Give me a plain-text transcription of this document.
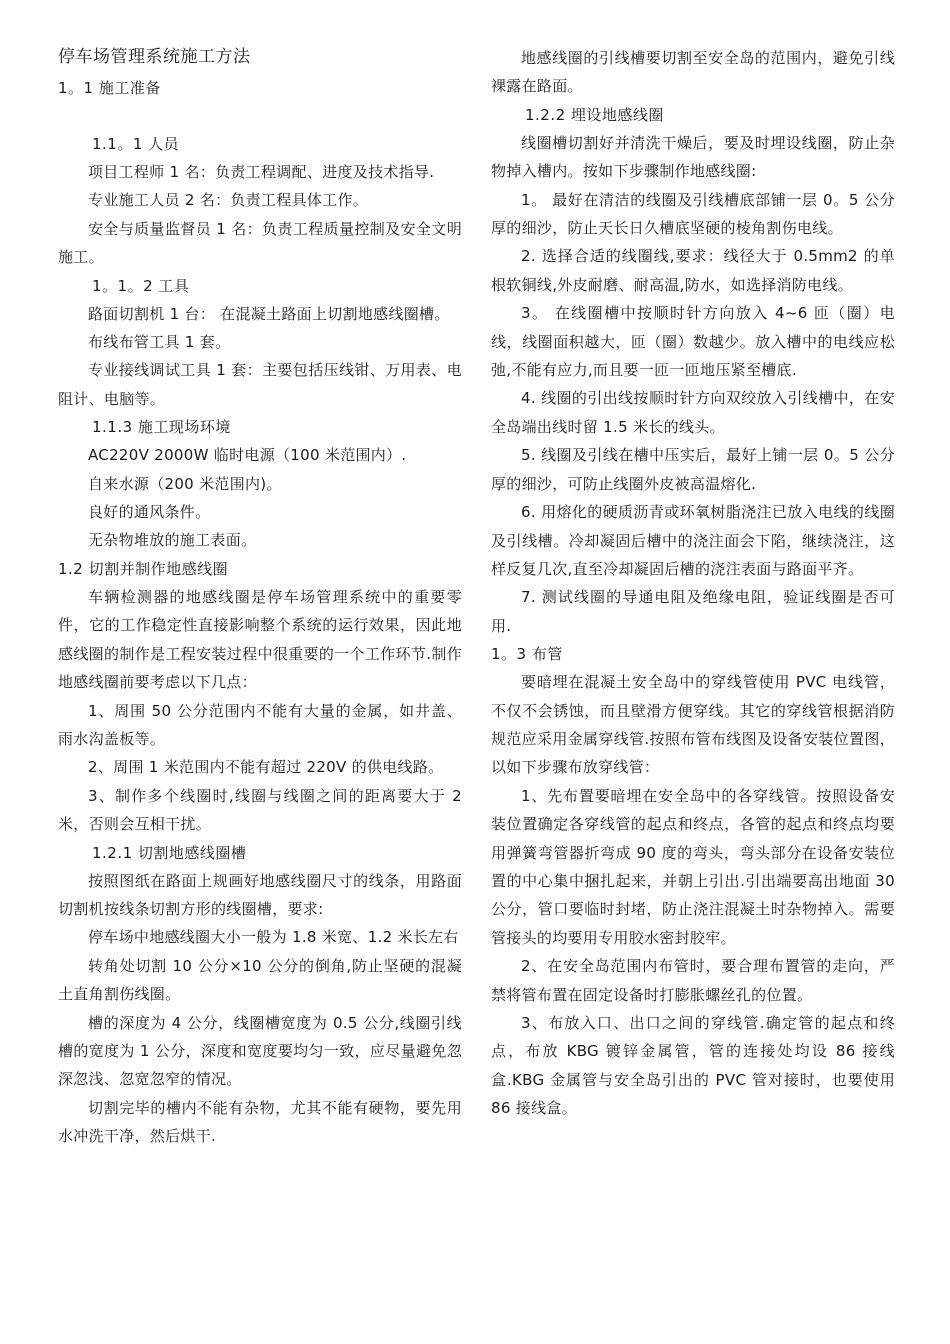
停车场管理系统施工方法

1。1 施工准备

1.1。1 人员

项目工程师 1 名：负责工程调配、进度及技术指导.

专业施工人员 2 名：负责工程具体工作。

安全与质量监督员 1 名：负责工程质量控制及安全文明施工。

1。1。2 工具

路面切割机 1 台： 在混凝土路面上切割地感线圈槽。

布线布管工具 1 套。

专业接线调试工具 1 套：主要包括压线钳、万用表、电阻计、电脑等。

1.1.3 施工现场环境

AC220V 2000W 临时电源（100 米范围内）.

自来水源（200 米范围内)。

良好的通风条件。

无杂物堆放的施工表面。

1.2 切割并制作地感线圈

车辆检测器的地感线圈是停车场管理系统中的重要零件，它的工作稳定性直接影响整个系统的运行效果，因此地感线圈的制作是工程安装过程中很重要的一个工作环节.制作地感线圈前要考虑以下几点：

1、周围 50 公分范围内不能有大量的金属，如井盖、雨水沟盖板等。

2、周围 1 米范围内不能有超过 220V 的供电线路。

3、制作多个线圈时,线圈与线圈之间的距离要大于 2 米，否则会互相干扰。

1.2.1 切割地感线圈槽

按照图纸在路面上规画好地感线圈尺寸的线条，用路面切割机按线条切割方形的线圈槽，要求:

停车场中地感线圈大小一般为 1.8 米宽、1.2 米长左右

转角处切割 10 公分×10 公分的倒角,防止坚硬的混凝土直角割伤线圈。

槽的深度为 4 公分，线圈槽宽度为 0.5 公分,线圈引线槽的宽度为 1 公分，深度和宽度要均匀一致，应尽量避免忽深忽浅、忽宽忽窄的情况。

切割完毕的槽内不能有杂物，尤其不能有硬物，要先用水冲洗干净，然后烘干.

地感线圈的引线槽要切割至安全岛的范围内，避免引线裸露在路面。

1.2.2 埋设地感线圈

线圈槽切割好并清洗干燥后，要及时埋设线圈，防止杂物掉入槽内。按如下步骤制作地感线圈:

1。 最好在清洁的线圈及引线槽底部铺一层 0。5 公分厚的细沙，防止天长日久槽底坚硬的棱角割伤电线。

2. 选择合适的线圈线,要求：线径大于 0.5mm2 的单根软铜线,外皮耐磨、耐高温,防水，如选择消防电线。

3。 在线圈槽中按顺时针方向放入 4~6 匝（圈）电线，线圈面积越大，匝（圈）数越少。放入槽中的电线应松弛,不能有应力,而且要一匝一匝地压紧至槽底.

4. 线圈的引出线按顺时针方向双绞放入引线槽中，在安全岛端出线时留 1.5 米长的线头。

5. 线圈及引线在槽中压实后，最好上铺一层 0。5 公分厚的细沙，可防止线圈外皮被高温熔化.

6. 用熔化的硬质沥青或环氧树脂浇注已放入电线的线圈及引线槽。冷却凝固后槽中的浇注面会下陷，继续浇注，这样反复几次,直至冷却凝固后槽的浇注表面与路面平齐。

7. 测试线圈的导通电阻及绝缘电阻，验证线圈是否可用.

1。3 布管

要暗埋在混凝土安全岛中的穿线管使用 PVC 电线管，不仅不会锈蚀，而且壁滑方便穿线。其它的穿线管根据消防规范应采用金属穿线管.按照布管布线图及设备安装位置图，以如下步骤布放穿线管：

1、先布置要暗埋在安全岛中的各穿线管。按照设备安装位置确定各穿线管的起点和终点，各管的起点和终点均要用弹簧弯管器折弯成 90 度的弯头，弯头部分在设备安装位置的中心集中捆扎起来，并朝上引出.引出端要高出地面 30 公分，管口要临时封堵，防止浇注混凝土时杂物掉入。需要管接头的均要用专用胶水密封胶牢。

2、在安全岛范围内布管时，要合理布置管的走向，严禁将管布置在固定设备时打膨胀螺丝孔的位置。

3、布放入口、出口之间的穿线管.确定管的起点和终点，布放 KBG 镀锌金属管，管的连接处均设 86 接线盒.KBG 金属管与安全岛引出的 PVC 管对接时，也要使用 86 接线盒。
